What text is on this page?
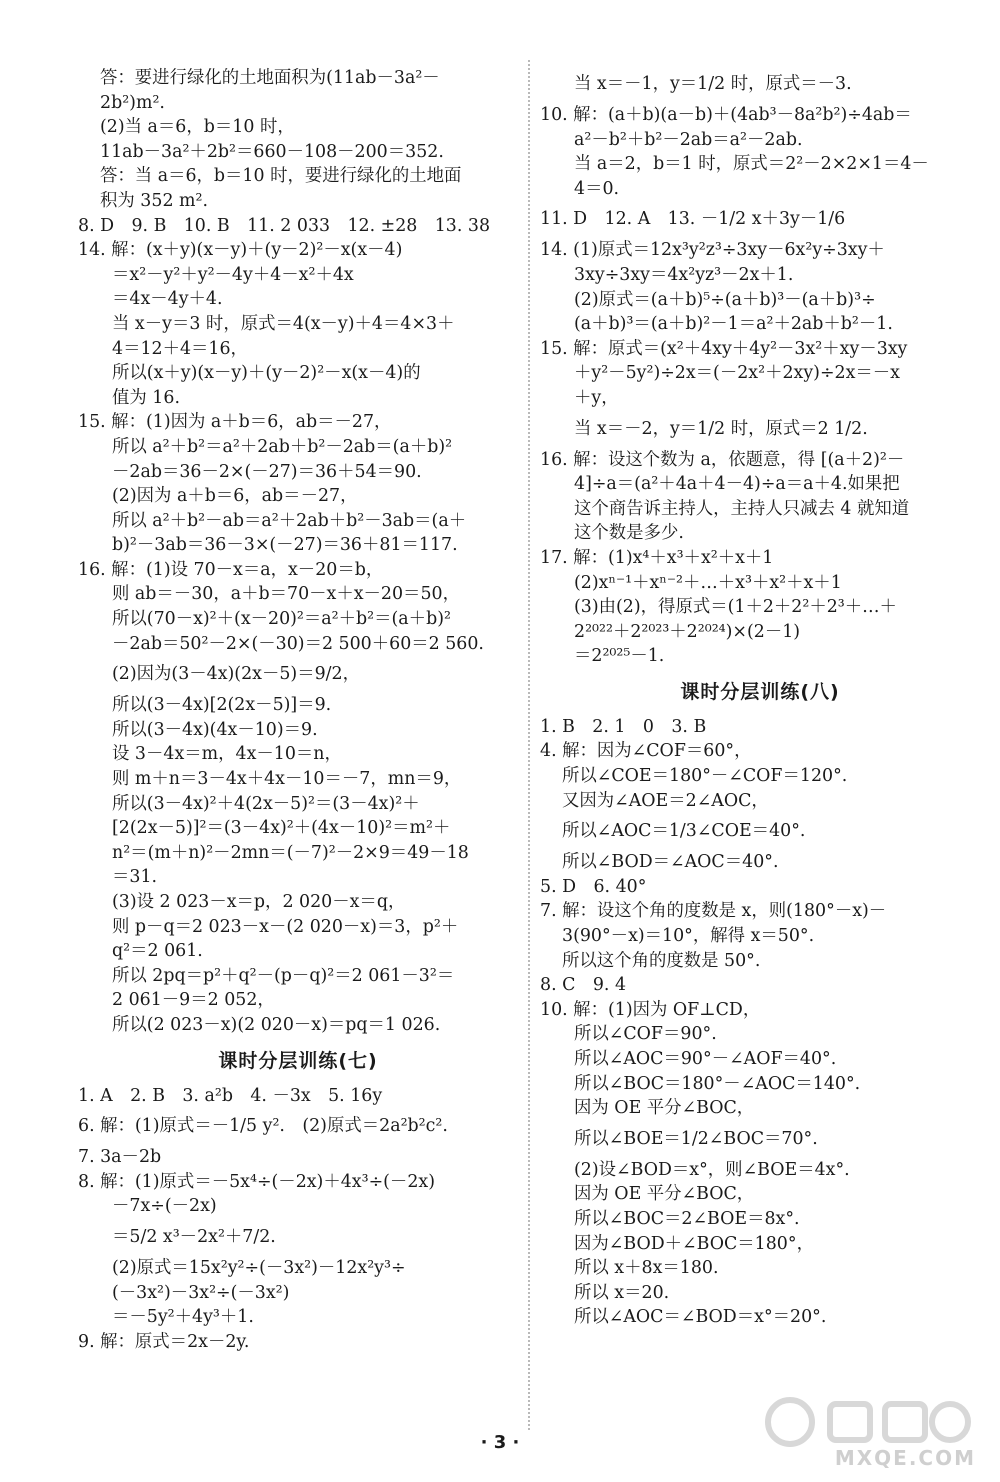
答：要进行绿化的土地面积为(11ab－3a²－
2b²)m².
(2)当 a＝6，b＝10 时，
11ab－3a²＋2b²＝660－108－200＝352.
答：当 a＝6，b＝10 时，要进行绿化的土地面
积为 352 m².
8. D　9. B　10. B　11. 2 033　12. ±28　13. 38
14. 解：(x＋y)(x－y)＋(y－2)²－x(x－4)
＝x²－y²＋y²－4y＋4－x²＋4x
＝4x－4y＋4.
当 x－y＝3 时，原式＝4(x－y)＋4＝4×3＋
4＝12＋4＝16，
所以(x＋y)(x－y)＋(y－2)²－x(x－4)的
值为 16.
15. 解：(1)因为 a＋b＝6，ab＝－27，
所以 a²＋b²＝a²＋2ab＋b²－2ab＝(a＋b)²
－2ab＝36－2×(－27)＝36＋54＝90.
(2)因为 a＋b＝6，ab＝－27，
所以 a²＋b²－ab＝a²＋2ab＋b²－3ab＝(a＋
b)²－3ab＝36－3×(－27)＝36＋81＝117.
16. 解：(1)设 70－x＝a，x－20＝b，
则 ab＝－30，a＋b＝70－x＋x－20＝50，
所以(70－x)²＋(x－20)²＝a²＋b²＝(a＋b)²
－2ab＝50²－2×(－30)＝2 500＋60＝2 560.
(2)因为(3－4x)(2x－5)＝9/2，
所以(3－4x)[2(2x－5)]＝9.
所以(3－4x)(4x－10)＝9.
设 3－4x＝m，4x－10＝n，
则 m＋n＝3－4x＋4x－10＝－7，mn＝9，
所以(3－4x)²＋4(2x－5)²＝(3－4x)²＋
[2(2x－5)]²＝(3－4x)²＋(4x－10)²＝m²＋
n²＝(m＋n)²－2mn＝(－7)²－2×9＝49－18
＝31.
(3)设 2 023－x＝p，2 020－x＝q，
则 p－q＝2 023－x－(2 020－x)＝3，p²＋
q²＝2 061.
所以 2pq＝p²＋q²－(p－q)²＝2 061－3²＝
2 061－9＝2 052，
所以(2 023－x)(2 020－x)＝pq＝1 026.
课时分层训练(七)
1. A　2. B　3. a²b　4. －3x　5. 16y
6. 解：(1)原式＝－1/5 y².　(2)原式＝2a²b²c².
7. 3a－2b
8. 解：(1)原式＝－5x⁴÷(－2x)＋4x³÷(－2x)
－7x÷(－2x)
＝5/2 x³－2x²＋7/2.
(2)原式＝15x²y²÷(－3x²)－12x²y³÷
(－3x²)－3x²÷(－3x²)
＝－5y²＋4y³＋1.
9. 解：原式＝2x－2y.
当 x＝－1，y＝1/2 时，原式＝－3.
10. 解：(a＋b)(a－b)＋(4ab³－8a²b²)÷4ab＝
a²－b²＋b²－2ab＝a²－2ab.
当 a＝2，b＝1 时，原式＝2²－2×2×1＝4－
4＝0.
11. D　12. A　13. －1/2 x＋3y－1/6
14. (1)原式＝12x³y²z³÷3xy－6x²y÷3xy＋
3xy÷3xy＝4x²yz³－2x＋1.
(2)原式＝(a＋b)⁵÷(a＋b)³－(a＋b)³÷
(a＋b)³＝(a＋b)²－1＝a²＋2ab＋b²－1.
15. 解：原式＝(x²＋4xy＋4y²－3x²＋xy－3xy
＋y²－5y²)÷2x＝(－2x²＋2xy)÷2x＝－x
＋y，
当 x＝－2，y＝1/2 时，原式＝2 1/2.
16. 解：设这个数为 a，依题意，得 [(a＋2)²－
4]÷a＝(a²＋4a＋4－4)÷a＝a＋4.如果把
这个商告诉主持人，主持人只减去 4 就知道
这个数是多少.
17. 解：(1)x⁴＋x³＋x²＋x＋1
(2)xⁿ⁻¹＋xⁿ⁻²＋…＋x³＋x²＋x＋1
(3)由(2)，得原式＝(1＋2＋2²＋2³＋…＋
2²⁰²²＋2²⁰²³＋2²⁰²⁴)×(2－1)
＝2²⁰²⁵－1.
课时分层训练(八)
1. B　2. 1　0　3. B
4. 解：因为∠COF＝60°，
所以∠COE＝180°－∠COF＝120°.
又因为∠AOE＝2∠AOC，
所以∠AOC＝1/3∠COE＝40°.
所以∠BOD＝∠AOC＝40°.
5. D　6. 40°
7. 解：设这个角的度数是 x，则(180°－x)－
3(90°－x)＝10°，解得 x＝50°.
所以这个角的度数是 50°.
8. C　9. 4
10. 解：(1)因为 OF⊥CD，
所以∠COF＝90°.
所以∠AOC＝90°－∠AOF＝40°.
所以∠BOC＝180°－∠AOC＝140°.
因为 OE 平分∠BOC，
所以∠BOE＝1/2∠BOC＝70°.
(2)设∠BOD＝x°，则∠BOE＝4x°.
因为 OE 平分∠BOC，
所以∠BOC＝2∠BOE＝8x°.
因为∠BOD＋∠BOC＝180°，
所以 x＋8x＝180.
所以 x＝20.
所以∠AOC＝∠BOD＝x°＝20°.
· 3 ·
MXQE.COM
